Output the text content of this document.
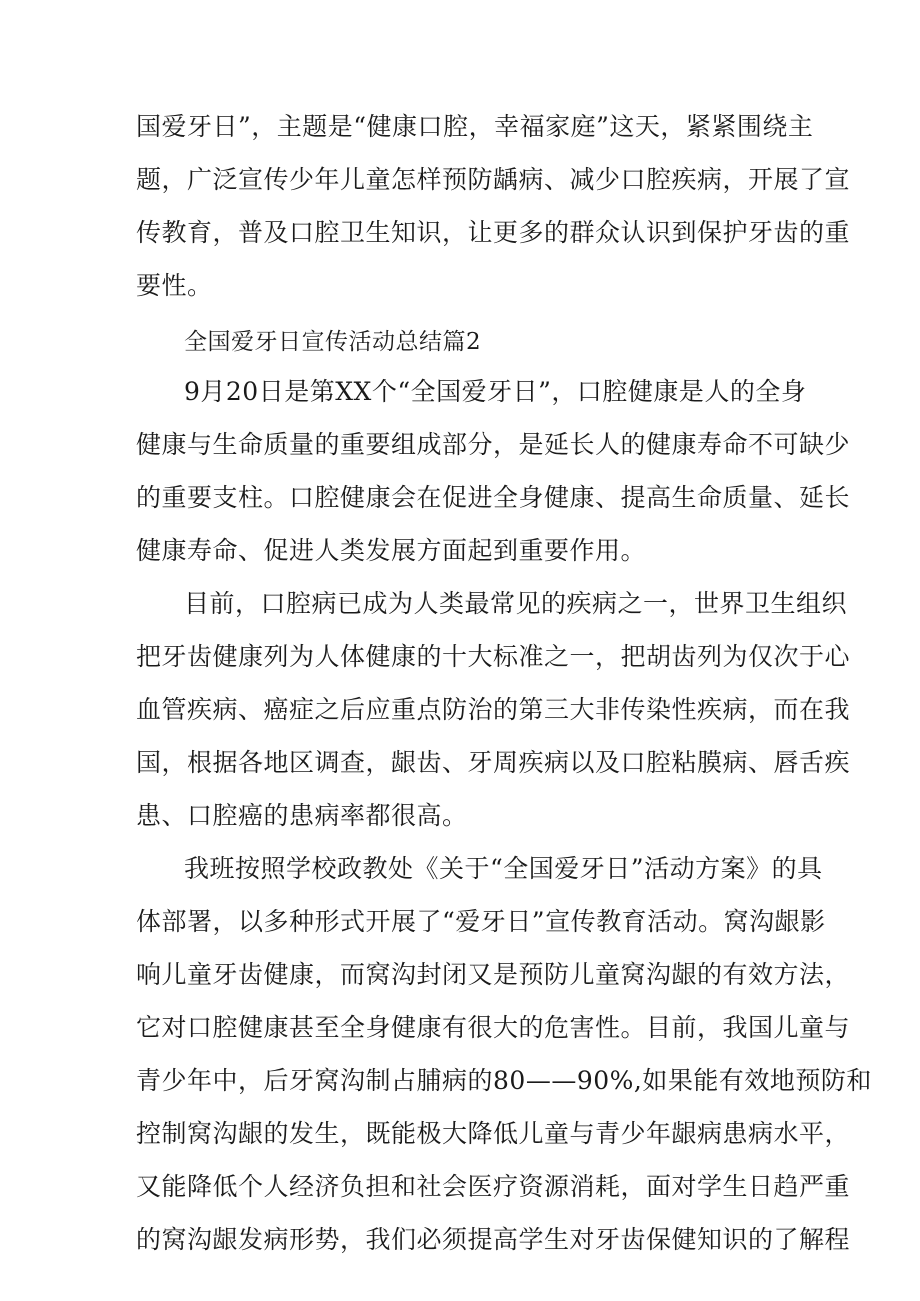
国爱牙日”，主题是“健康口腔，幸福家庭”这天，紧紧围绕主
题，广泛宣传少年儿童怎样预防龋病、减少口腔疾病，开展了宣
传教育，普及口腔卫生知识，让更多的群众认识到保护牙齿的重
要性。
全国爱牙日宣传活动总结篇2
9月20日是第XX个“全国爱牙日”，口腔健康是人的全身
健康与生命质量的重要组成部分，是延长人的健康寿命不可缺少
的重要支柱。口腔健康会在促进全身健康、提高生命质量、延长
健康寿命、促进人类发展方面起到重要作用。
目前，口腔病已成为人类最常见的疾病之一，世界卫生组织
把牙齿健康列为人体健康的十大标准之一，把胡齿列为仅次于心
血管疾病、癌症之后应重点防治的第三大非传染性疾病，而在我
国，根据各地区调查，龈齿、牙周疾病以及口腔粘膜病、唇舌疾
患、口腔癌的患病率都很高。
我班按照学校政教处《关于“全国爱牙日”活动方案》的具
体部署，以多种形式开展了“爱牙日”宣传教育活动。窝沟龈影
响儿童牙齿健康，而窝沟封闭又是预防儿童窝沟龈的有效方法，
它对口腔健康甚至全身健康有很大的危害性。目前，我国儿童与
青少年中，后牙窝沟制占脯病的80——90%,如果能有效地预防和
控制窝沟龈的发生，既能极大降低儿童与青少年龈病患病水平，
又能降低个人经济负担和社会医疗资源消耗，面对学生日趋严重
的窝沟龈发病形势，我们必须提高学生对牙齿保健知识的了解程
